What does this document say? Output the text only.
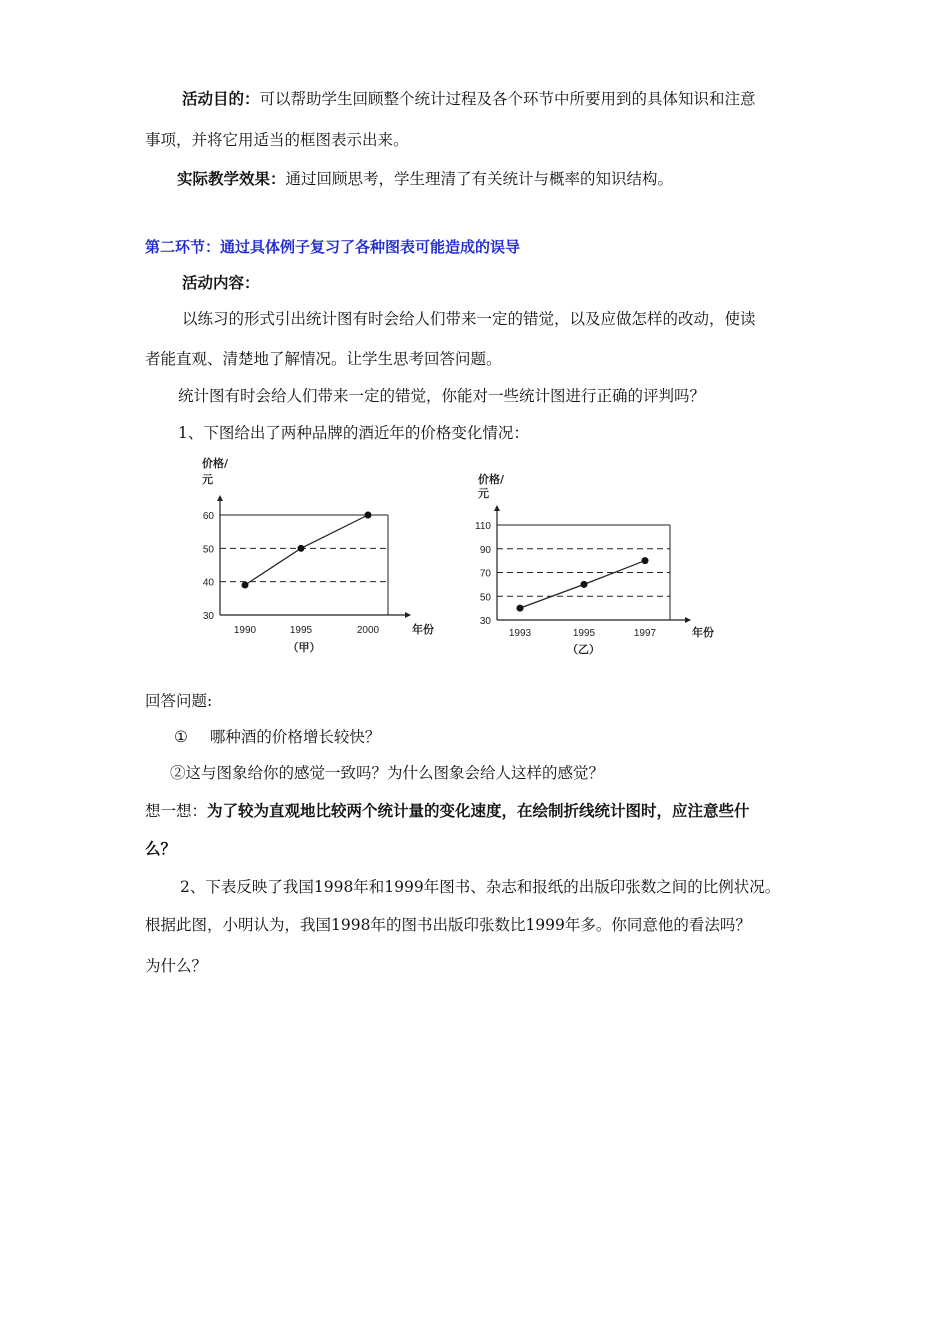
活动目的：可以帮助学生回顾整个统计过程及各个环节中所要用到的具体知识和注意
事项，并将它用适当的框图表示出来。
实际教学效果：通过回顾思考，学生理清了有关统计与概率的知识结构。
第二环节：通过具体例子复习了各种图表可能造成的误导
活动内容：
以练习的形式引出统计图有时会给人们带来一定的错觉，以及应做怎样的改动，使读
者能直观、清楚地了解情况。让学生思考回答问题。
统计图有时会给人们带来一定的错觉，你能对一些统计图进行正确的评判吗？
1、下图给出了两种品牌的酒近年的价格变化情况：
价格/
元
60
50
40
30
1990	1995	2000	年份
（甲）
价格/
元
110
90
70
50
30
1993	1995	1997	年份
（乙）
回答问题:
① 哪种酒的价格增长较快？
②这与图象给你的感觉一致吗？为什么图象会给人这样的感觉？
想一想：为了较为直观地比较两个统计量的变化速度，在绘制折线统计图时，应注意些什
么？
2、下表反映了我国1998年和1999年图书、杂志和报纸的出版印张数之间的比例状况。
根据此图，小明认为，我国1998年的图书出版印张数比1999年多。你同意他的看法吗？
为什么？
